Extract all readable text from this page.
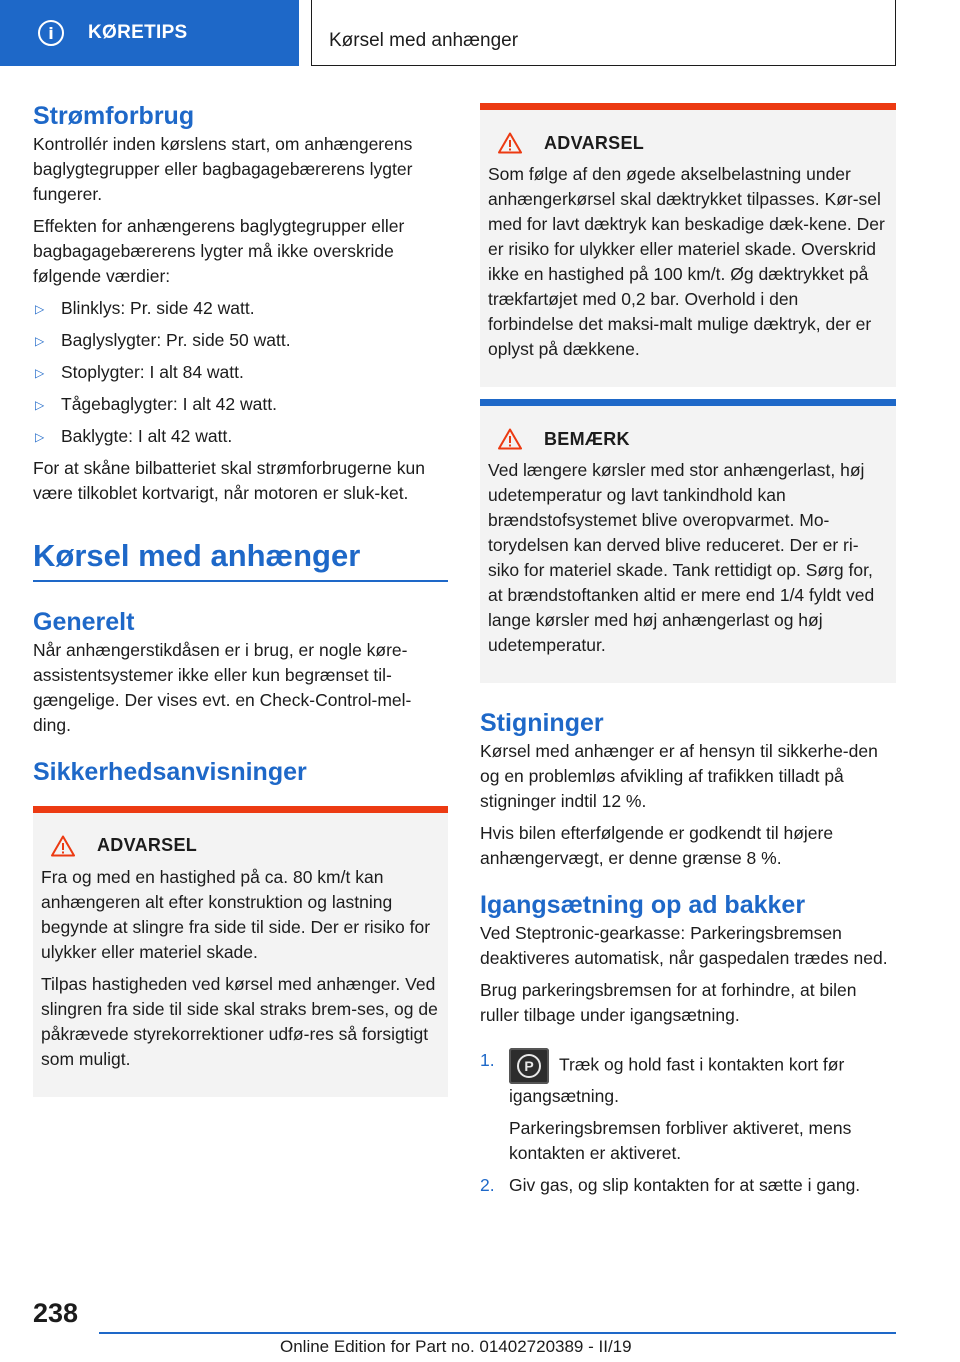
i	KØRETIPS	Kørsel med anhænger
Strømforbrug

Kontrollér inden kørslens start, om anhængerens baglygtegrupper eller bagbagagebærerens lygter fungerer.

Effekten for anhængerens baglygtegrupper eller bagbagagebærerens lygter må ikke overskride følgende værdier:

▷ Blinklys: Pr. side 42 watt.
▷ Baglyslygter: Pr. side 50 watt.
▷ Stoplygter: I alt 84 watt.
▷ Tågebaglygter: I alt 42 watt.
▷ Baklygte: I alt 42 watt.

For at skåne bilbatteriet skal strømforbrugerne kun være tilkoblet kortvarigt, når motoren er sluk‐ket.

Kørsel med anhænger
Generelt

Når anhængerstikdåsen er i brug, er nogle køre‐assistentsystemer ikke eller kun begrænset til‐gængelige. Der vises evt. en Check-Control-mel‐ding.

Sikkerhedsanvisninger
ADVARSEL

Fra og med en hastighed på ca. 80 km/t kan anhængeren alt efter konstruktion og lastning begynde at slingre fra side til side. Der er risiko for ulykker eller materiel skade.

Tilpas hastigheden ved kørsel med anhænger. Ved slingren fra side til side skal straks brem‐ses, og de påkrævede styrekorrektioner udfø‐res så forsigtigt som muligt.

ADVARSEL

Som følge af den øgede akselbelastning under anhængerkørsel skal dæktrykket tilpasses. Kør‐sel med for lavt dæktryk kan beskadige dæk‐kene. Der er risiko for ulykker eller materiel skade. Overskrid ikke en hastighed på 100 km/t. Øg dæktrykket på trækfartøjet med 0,2 bar. Overhold i den forbindelse det maksi‐malt mulige dæktryk, der er oplyst på dækkene.

BEMÆRK

Ved længere kørsler med stor anhængerlast, høj udetemperatur og lavt tankindhold kan brændstofsystemet blive overopvarmet. Mo‐torydelsen kan derved blive reduceret. Der er ri‐siko for materiel skade. Tank rettidigt op. Sørg for, at brændstoftanken altid er mere end 1/4 fyldt ved lange kørsler med høj anhængerlast og høj udetemperatur.

Stigninger

Kørsel med anhænger er af hensyn til sikkerhe‐den og en problemløs afvikling af trafikken tilladt på stigninger indtil 12 %.

Hvis bilen efterfølgende er godkendt til højere anhængervægt, er denne grænse 8 %.

Igangsætning op ad bakker

Ved Steptronic-gearkasse: Parkeringsbremsen deaktiveres automatisk, når gaspedalen trædes ned.

Brug parkeringsbremsen for at forhindre, at bilen ruller tilbage under igangsætning.

1.	P	Træk og hold fast i kontakten kort før igangsætning.

Parkeringsbremsen forbliver aktiveret, mens kontakten er aktiveret.

2. Giv gas, og slip kontakten for at sætte i gang.
238
Online Edition for Part no. 01402720389 - II/19
